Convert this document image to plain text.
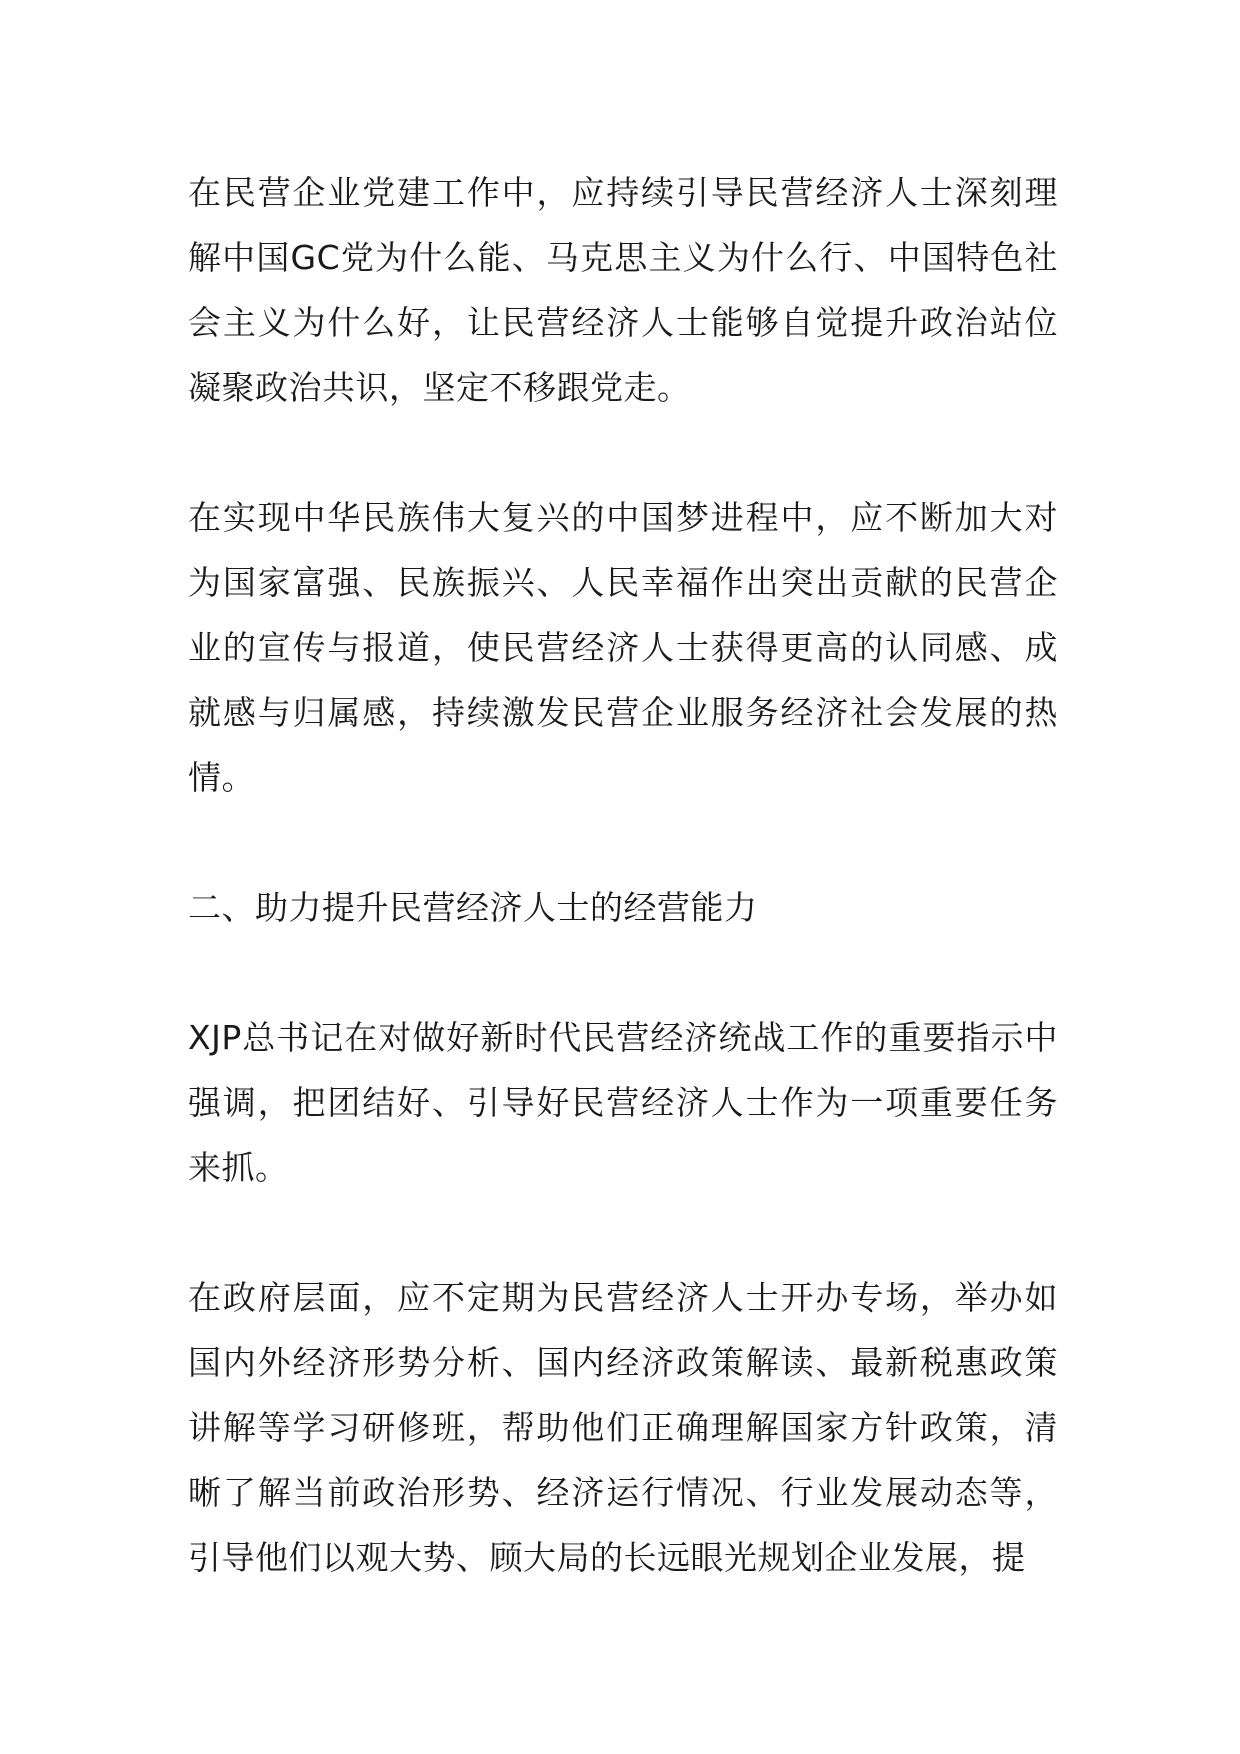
在民营企业党建工作中，应持续引导民营经济人士深刻理解中国GC党为什么能、马克思主义为什么行、中国特色社会主义为什么好，让民营经济人士能够自觉提升政治站位凝聚政治共识，坚定不移跟党走。

在实现中华民族伟大复兴的中国梦进程中，应不断加大对为国家富强、民族振兴、人民幸福作出突出贡献的民营企业的宣传与报道，使民营经济人士获得更高的认同感、成就感与归属感，持续激发民营企业服务经济社会发展的热情。

二、助力提升民营经济人士的经营能力

XJP总书记在对做好新时代民营经济统战工作的重要指示中强调，把团结好、引导好民营经济人士作为一项重要任务来抓。

在政府层面，应不定期为民营经济人士开办专场，举办如国内外经济形势分析、国内经济政策解读、最新税惠政策讲解等学习研修班，帮助他们正确理解国家方针政策，清晰了解当前政治形势、经济运行情况、行业发展动态等，引导他们以观大势、顾大局的长远眼光规划企业发展，提
